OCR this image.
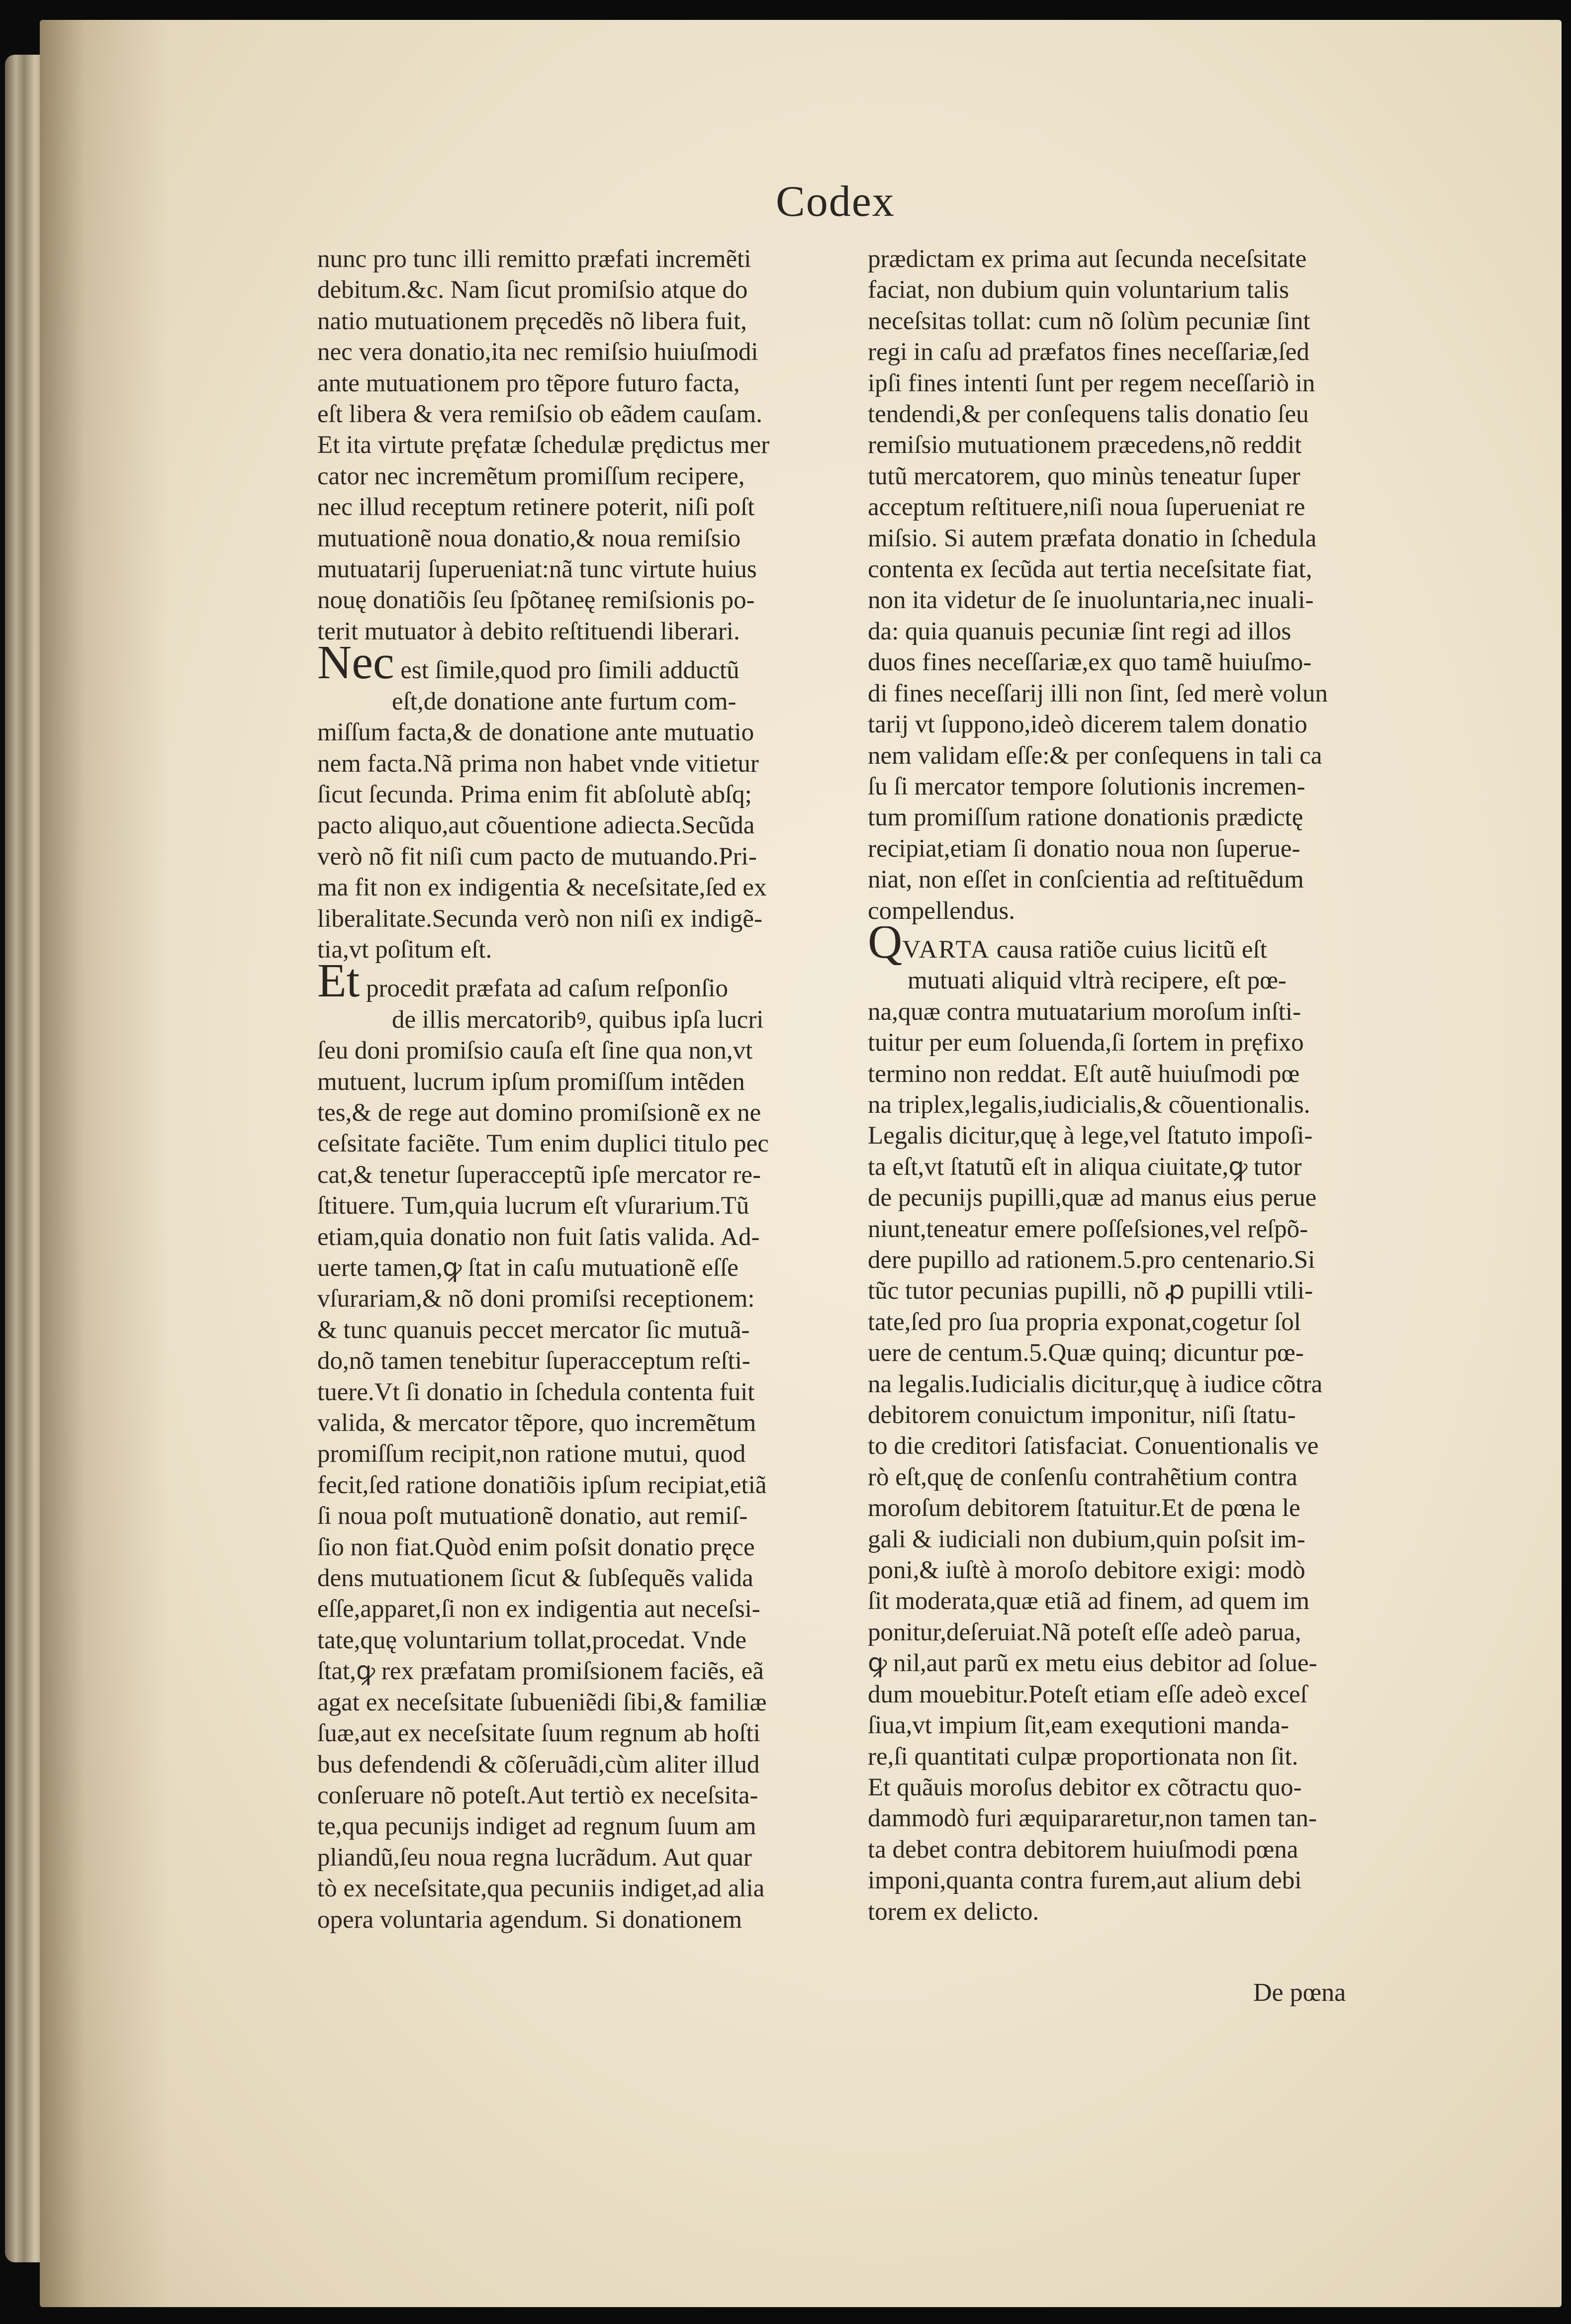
Codex
nunc pro tunc illi remitto præfati incremẽti
debitum.&c. Nam ſicut promiſsio atque do
natio mutuationem pręcedẽs nõ libera fuit,
nec vera donatio,ita nec remiſsio huiuſmodi
ante mutuationem pro tẽpore futuro facta,
eſt libera & vera remiſsio ob eãdem cauſam.
Et ita virtute pręfatæ ſchedulæ prędictus mer
cator nec incremẽtum promiſſum recipere,
nec illud receptum retinere poterit, niſi poſt
mutuationẽ noua donatio,& noua remiſsio
mutuatarij ſuperueniat:nã tunc virtute huius
nouę donatiõis ſeu ſpõtaneę remiſsionis po-
terit mutuator à debito reſtituendi liberari.
Nec est ſimile,quod pro ſimili adductũ
eſt,de donatione ante furtum com-
miſſum facta,& de donatione ante mutuatio
nem facta.Nã prima non habet vnde vitietur
ſicut ſecunda. Prima enim fit abſolutè abſq;
pacto aliquo,aut cõuentione adiecta.Secũda
verò nõ fit niſi cum pacto de mutuando.Pri-
ma fit non ex indigentia & neceſsitate,ſed ex
liberalitate.Secunda verò non niſi ex indigẽ-
tia,vt poſitum eſt.
Et procedit præfata ad caſum reſponſio
de illis mercatoribꝰ, quibus ipſa lucri
ſeu doni promiſsio cauſa eſt ſine qua non,vt
mutuent, lucrum ipſum promiſſum intẽden
tes,& de rege aut domino promiſsionẽ ex ne
ceſsitate faciẽte. Tum enim duplici titulo pec
cat,& tenetur ſuperacceptũ ipſe mercator re-
ſtituere. Tum,quia lucrum eſt vſurarium.Tũ
etiam,quia donatio non fuit ſatis valida. Ad-
uerte tamen,ꝙ ſtat in caſu mutuationẽ eſſe
vſurariam,& nõ doni promiſsi receptionem:
& tunc quanuis peccet mercator ſic mutuã-
do,nõ tamen tenebitur ſuperacceptum reſti-
tuere.Vt ſi donatio in ſchedula contenta fuit
valida, & mercator tẽpore, quo incremẽtum
promiſſum recipit,non ratione mutui, quod
fecit,ſed ratione donatiõis ipſum recipiat,etiã
ſi noua poſt mutuationẽ donatio, aut remiſ-
ſio non fiat.Quòd enim poſsit donatio pręce
dens mutuationem ſicut & ſubſequẽs valida
eſſe,apparet,ſi non ex indigentia aut neceſsi-
tate,quę voluntarium tollat,procedat. Vnde
ſtat,ꝙ rex præfatam promiſsionem faciẽs, eã
agat ex neceſsitate ſubueniẽdi ſibi,& familiæ
ſuæ,aut ex neceſsitate ſuum regnum ab hoſti
bus defendendi & cõſeruãdi,cùm aliter illud
conſeruare nõ poteſt.Aut tertiò ex neceſsita-
te,qua pecunijs indiget ad regnum ſuum am
pliandũ,ſeu noua regna lucrãdum. Aut quar
tò ex neceſsitate,qua pecuniis indiget,ad alia
opera voluntaria agendum. Si donationem
prædictam ex prima aut ſecunda neceſsitate
faciat, non dubium quin voluntarium talis
neceſsitas tollat: cum nõ ſolùm pecuniæ ſint
regi in caſu ad præfatos fines neceſſariæ,ſed
ipſi fines intenti ſunt per regem neceſſariò in
tendendi,& per conſequens talis donatio ſeu
remiſsio mutuationem præcedens,nõ reddit
tutũ mercatorem, quo minùs teneatur ſuper
acceptum reſtituere,niſi noua ſuperueniat re
miſsio. Si autem præfata donatio in ſchedula
contenta ex ſecũda aut tertia neceſsitate fiat,
non ita videtur de ſe inuoluntaria,nec inuali-
da: quia quanuis pecuniæ ſint regi ad illos
duos fines neceſſariæ,ex quo tamẽ huiuſmo-
di fines neceſſarij illi non ſint, ſed merè volun
tarij vt ſuppono,ideò dicerem talem donatio
nem validam eſſe:& per conſequens in tali ca
ſu ſi mercator tempore ſolutionis incremen-
tum promiſſum ratione donationis prædictę
recipiat,etiam ſi donatio noua non ſuperue-
niat, non eſſet in conſcientia ad reſtituẽdum
compellendus.
QVARTA causa ratiõe cuius licitũ eſt
mutuati aliquid vltrà recipere, eſt pœ-
na,quæ contra mutuatarium moroſum inſti-
tuitur per eum ſoluenda,ſi ſortem in pręfixo
termino non reddat. Eſt autẽ huiuſmodi pœ
na triplex,legalis,iudicialis,& cõuentionalis.
Legalis dicitur,quę à lege,vel ſtatuto impoſi-
ta eſt,vt ſtatutũ eſt in aliqua ciuitate,ꝙ tutor
de pecunijs pupilli,quæ ad manus eius perue
niunt,teneatur emere poſſeſsiones,vel reſpõ-
dere pupillo ad rationem.5.pro centenario.Si
tũc tutor pecunias pupilli, nõ ꝓ pupilli vtili-
tate,ſed pro ſua propria exponat,cogetur ſol
uere de centum.5.Quæ quinq; dicuntur pœ-
na legalis.Iudicialis dicitur,quę à iudice cõtra
debitorem conuictum imponitur, niſi ſtatu-
to die creditori ſatisfaciat. Conuentionalis ve
rò eſt,quę de conſenſu contrahẽtium contra
moroſum debitorem ſtatuitur.Et de pœna le
gali & iudiciali non dubium,quin poſsit im-
poni,& iuſtè à moroſo debitore exigi: modò
ſit moderata,quæ etiã ad finem, ad quem im
ponitur,deſeruiat.Nã poteſt eſſe adeò parua,
ꝙ nil,aut parũ ex metu eius debitor ad ſolue-
dum mouebitur.Poteſt etiam eſſe adeò exceſ
ſiua,vt impium ſit,eam exequtioni manda-
re,ſi quantitati culpæ proportionata non ſit.
Et quãuis moroſus debitor ex cõtractu quo-
dammodò furi æquipararetur,non tamen tan-
ta debet contra debitorem huiuſmodi pœna
imponi,quanta contra furem,aut alium debi
torem ex delicto.
De pœna
